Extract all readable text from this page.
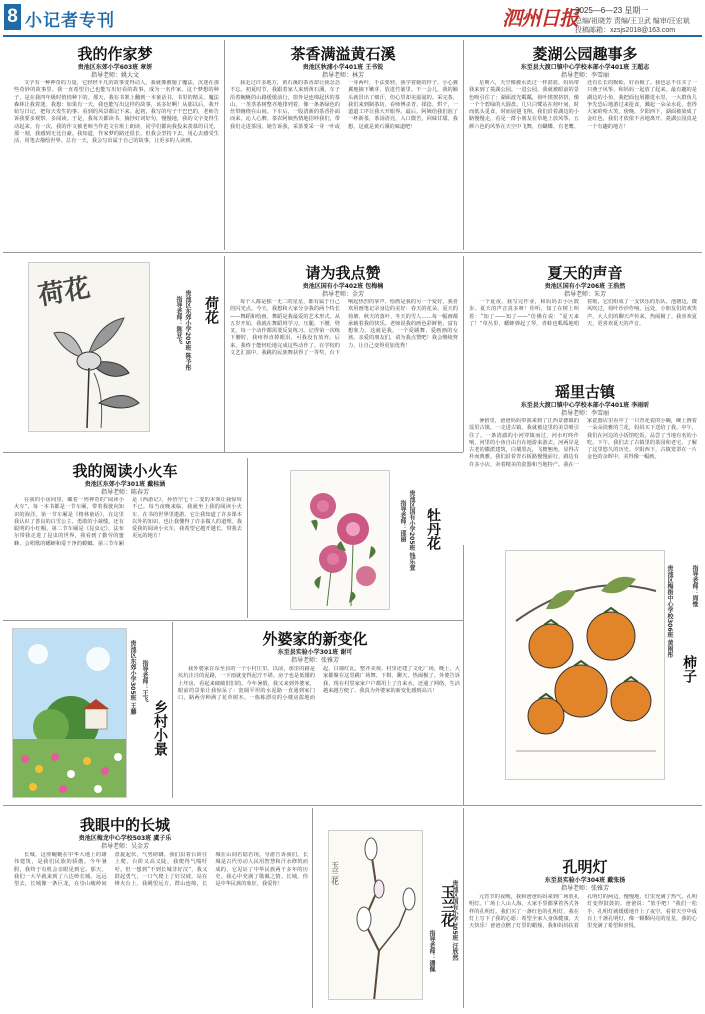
8 小记者专刊	泗州日报
2025—6—23 星期一
总编/祖晓芳 责编/王卫武 编审/汪宏斌
投稿邮箱：xzsjs2018@163.com
我的作家梦
贵池区东郊小学603班 章妍
指导老师：姚大文

文字有一种神奇的力量，它轻轻平凡的故事变得动人，我就像被施了魔法，沉迷在那些奇妙的故事里。我一直希望自己也能写出好看的故事，成为一名作家。这个梦想的种子，是在我四年级时悄悄种下的。那天，我在书架上翻到一本童话书，书里的精灵、魔法森林让我着迷。我想：如果有一天，我也能写出这样的故事，该多好啊！从那以后，我开始写日记，把每天发生的事、看到的风景都记下来。起初，我写的句子干巴巴的，老师告诉我要多观察、多阅读。于是，我每天都读书，摘抄好词好句，慢慢地，我的文字变得生动起来。有一次，我的作文被老师当作范文在班上朗读，同学们都向我投来羡慕的目光，那一刻，我感到无比自豪。我知道，作家梦的路还很长，但我会坚持下去，用心去感受生活，用笔去描绘世界。总有一天，我会写出属于自己的故事，让更多的人读到。

茶香满溢黄石溪
贵池区秋浦小学401班 王书锐
指导老师：林芳

我走过许多地方，黄石溪的茶香却让我念念不忘。初夏时节，我跟着家人来到黄石溪。车子沿着蜿蜒的山路缓缓前行，窗外是连绵起伏的茶山，一垄垄茶树整齐地排列着，像一条条绿色的丝带缠绕在山间。下车后，一股清新的茶香扑面而来，沁人心脾。茶农阿姨热情地招呼我们，带我们走进茶园。她告诉我，采茶要采一芽一叶或一芽两叶，手法要轻。我学着她的样子，小心翼翼地摘下嫩芽，放进竹篓里。不一会儿，我的额头就冒出了细汗，但心里却美滋滋的。采完茶，我们来到制茶坊，看师傅杀青、揉捻、烘干，一道道工序让我大开眼界。最后，阿姨给我们泡了一杯新茶，茶汤清亮，入口微苦，回味甘甜。我想，这就是黄石溪的味道吧！

菱湖公园趣事多
东至县大渡口镇中心学校本部小学401班 王超志
指导老师：李雪丽

星期六，天空像被水洗过一样湛蓝，妈妈带我来到了菱湖公园。一进公园，我就被眼前的景色吸引住了：湖面波光粼粼，荷叶挨挨挤挤，像一个个碧绿的大圆盘。几只白鹭站在荷叶间，时而低头觅食，时而展翅飞翔。我们沿着湖边的小路慢慢走，看见一群小朋友在草地上放风筝。五颜六色的风筝在天空中飞舞，有蝴蝶、有老鹰、还有长长的蜈蚣，好看极了。我也忍不住买了一只燕子风筝，和妈妈一起放了起来。最有趣的是湖边的小鱼，我把面包屑撒进水里，一大群鱼儿争先恐后地游过来抢食，溅起一朵朵水花，惹得大家哈哈大笑。傍晚，夕阳西下，湖面被染成了金红色，我们才依依不舍地离开。菱湖公园真是一个有趣的地方！

荷花	荷花
贵池区东郊小学205班 陈予彤
指导老师：陈亚飞
请为我点赞
贵池区国有小学402班 包梅楠
指导老师：金芳

每个人都是独一无二的星星，都有属于自己的闪光点。今天，我想和大家分享我的两个特长——舞蹈和绘画。舞蹈是我最爱的艺术形式。从五岁开始，我就在舞蹈班学习。压腿、下腰、劈叉，每一个动作都需要反复练习。记得第一次练下腰时，我疼得直掉眼泪，可我没有放弃。后来，我终于能轻松地完成这些动作了。在学校的文艺汇演中，我跳的民族舞获得了一等奖，台下响起热烈的掌声。绘画是我的另一个爱好。我喜欢用画笔记录身边的美好：春天的花朵、夏天的荷塘、秋天的落叶、冬天的雪人……每一幅画都承载着我的快乐。老师说我的画色彩鲜艳，富有想象力。这就是我，一个爱跳舞、爱画画的女孩。亲爱的朋友们，请为我点赞吧！我会继续努力，让自己变得更加优秀！

夏天的声音
贵池区国有小学206班 王浩然
指导老师：朱芳

一个夏夜，我写完作业，和妈妈去小区散步。夏天的声音真多呀！你听，知了在树上叫着：“知了——知了——”仿佛在说：“夏天来了！”草丛里，蟋蟀弹起了琴，青蛙也呱呱地唱着歌，它们组成了一支快乐的乐队。池塘边，微风吹过，荷叶沙沙作响。远处，小朋友们的欢笑声、大人们的聊天声传来，热闹极了。我喜欢夏天，更喜欢夏天的声音。

瑶里古镇
东至县大渡口镇中心学校本部小学401班 李雨昕
指导老师：李雪丽

暑假里，爸爸妈妈带我来到了江西景德镇的瑶里古镇。一走进古镇，我就被这里的美景吸引住了。一条清澈的小河穿镇而过，河水叮咚作响，河里的小鱼自由自在地游来游去。河两岸是古老的徽派建筑，白墙黑瓦，飞檐翘角，显得古朴而典雅。我们沿着青石板路慢慢前行，路边有许多小店，卖着精美的瓷器和当地特产。我在一家瓷器店里看中了一只青花瓷的小碗，碗上画着一朵朵淡雅的兰花，妈妈买下送给了我。中午，我们在河边的小饭馆吃饭，品尝了当地有名的小吃。下午，我们去了古镇里的茶园和老宅，了解了这里悠久的历史。夕阳西下，古镇笼罩在一片金色的余晖中，美得像一幅画。

我的阅读小火车
贵池区东郊小学301班 戴桂涵
指导老师：陈春芳

在我的小房间里，藏着一列神奇的“阅读小火车”，每一本书都是一节车厢，带着我驶向知识的海洋。第一节车厢是《格林童话》，在这里我认识了善良的白雪公主、勇敢的小裁缝，还有聪明的小红帽。第二节车厢是《昆虫记》，法布尔带我走进了昆虫的世界，我看到了勤劳的蜜蜂、会唱歌的蟋蟀和爱干净的螳螂。第三节车厢是《西游记》，孙悟空七十二变的本领让我惊叹不已。每当夜晚来临，我就坐上我的阅读小火车，在书的世界里遨游。它让我知道了许多课本以外的知识，也让我懂得了许多做人的道理。我爱我的阅读小火车，我希望它越开越长，带我去更远的地方！	牡丹花
贵池区国有小学205班 钱乐萱
指导老师：邵丽
乡村小景
贵池区东郊小学305班 王藤 指导老师：王飞
外婆家的新变化
东至县实验小学301班 谢可
指导老师：张雅芳

我外婆家在东至县的一个小村庄里。以前，那里的路是坑坑洼洼的泥路，一下雨就变得泥泞不堪。房子也是低矮的土坯房，看起来破破旧旧的。今年暑假，我又来到外婆家，眼前的景象让我惊呆了：宽阔平坦的水泥路一直通到家门口，路两旁种满了花草树木。一栋栋漂亮的小楼房拔地而起，白墙红瓦，整齐美观。村里还建了文化广场，晚上，大家都聚在这里跳广场舞、下棋、聊天，热闹极了。外婆告诉我，现在村里家家户户都用上了自来水，还通了网络，生活越来越方便了。我真为外婆家的新变化感到高兴！

柿子
贵池区梅街中心学校306班 黄雨彤	指导老师：周惟
我眼中的长城
贵池区梅龙中心学校503班 虞子乐
指导老师：吴金芳

长城，这座蜿蜒在中华大地上的雄伟建筑，是我们民族的骄傲。今年暑假，我终于有机会亲眼见到它。那天，我们一大早就来到了八达岭长城。远远望去，长城像一条巨龙，在崇山峻岭间盘旋起伏，气势磅礴。我们沿着台阶往上爬，台阶又高又陡，我爬得气喘吁吁。但一想到“不到长城非好汉”，我又鼓起勇气，一口气爬上了好汉坡。站在烽火台上，我眺望远方，群山连绵，长城在山间若隐若现。导游告诉我们，长城是古代劳动人民用智慧和汗水修筑而成的，它见证了中华民族两千多年的历史。我心中充满了敬佩之情。长城，你是中华民族的象征，我爱你！	玉兰花
玉兰花
贵池区国有小学205班 汪欣然
指导老师：潘佩
孔明灯
东至县实验小学304班 戴张扬
指导老师：张雅芳

元宵节的夜晚，我和爸爸妈妈来到广场放孔明灯。广场上人山人海，大家手里都拿着各式各样的孔明灯。我们买了一盏红色的孔明灯，我在灯上写下了我的心愿：希望全家人身体健康，天天快乐！爸爸点燃了灯里的蜡烛，我和妈妈扶着孔明灯的两边。慢慢地，灯里充满了热气，孔明灯变得鼓鼓的。爸爸说：“放手吧！”我们一松手，孔明灯就缓缓地升上了夜空。看着天空中成百上千盏孔明灯，像一颗颗闪亮的星星，我的心里充满了希望和喜悦。
